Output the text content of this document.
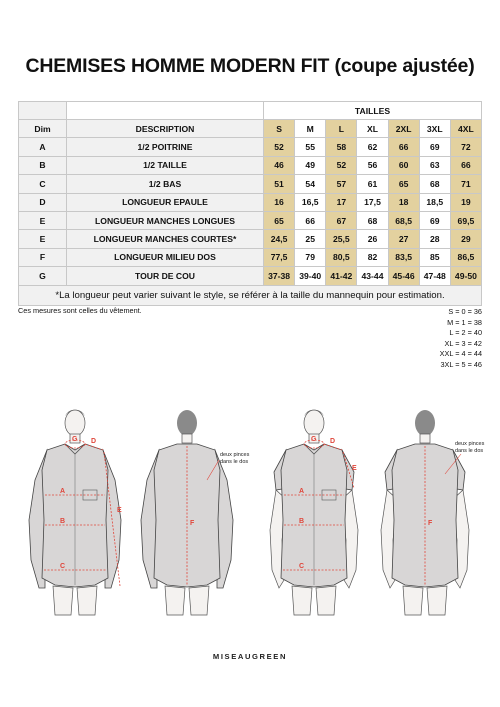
CHEMISES HOMME MODERN FIT (coupe ajustée)
		TAILLES						
Dim	DESCRIPTION	S	M	L	XL	2XL	3XL	4XL
A	1/2 POITRINE	52	55	58	62	66	69	72
B	1/2 TAILLE	46	49	52	56	60	63	66
C	1/2 BAS	51	54	57	61	65	68	71
D	LONGUEUR EPAULE	16	16,5	17	17,5	18	18,5	19
E	LONGUEUR MANCHES LONGUES	65	66	67	68	68,5	69	69,5
E	LONGUEUR MANCHES COURTES*	24,5	25	25,5	26	27	28	29
F	LONGUEUR MILIEU DOS	77,5	79	80,5	82	83,5	85	86,5
G	TOUR DE COU	37-38	39-40	41-42	43-44	45-46	47-48	49-50
*La longueur peut varier suivant le style, se référer à la taille du mannequin pour estimation.								
Ces mesures sont celles du vêtement.	S = 0 = 36
M = 1 = 38
L = 2 = 40
XL = 3 = 42
XXL = 4 = 44
3XL = 5 = 46
A
B
C
D
E
G
F
deux pinces
dans le dos
A
B
C
D
E
G
F
deux pinces
dans le dos
MISEAUGREEN
